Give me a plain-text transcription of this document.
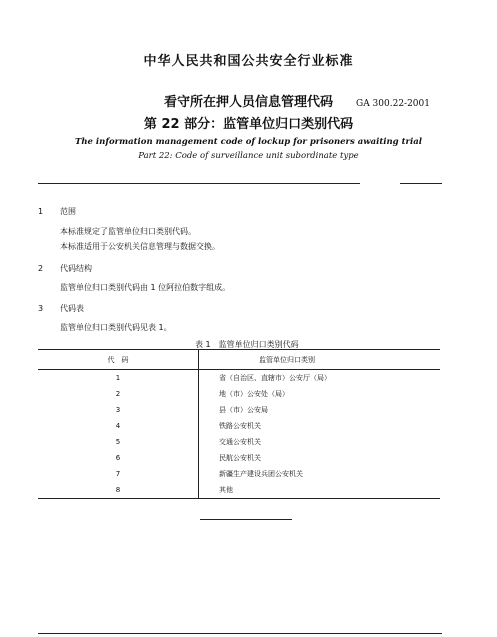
中华人民共和国公共安全行业标准
看守所在押人员信息管理代码
第 22 部分：监管单位归口类别代码
GA 300.22-2001
The information management code of lockup for prisoners awaiting trial
Part 22: Code of surveillance unit subordinate type
1 范围
本标准规定了监管单位归口类别代码。
本标准适用于公安机关信息管理与数据交换。
2 代码结构
监管单位归口类别代码由 1 位阿拉伯数字组成。
3 代码表
监管单位归口类别代码见表 1。
表 1　监管单位归口类别代码
代　码	监管单位归口类别
1	省（自治区、直辖市）公安厅（局）
2	地（市）公安处（局）
3	县（市）公安局
4	铁路公安机关
5	交通公安机关
6	民航公安机关
7	新疆生产建设兵团公安机关
8	其他
